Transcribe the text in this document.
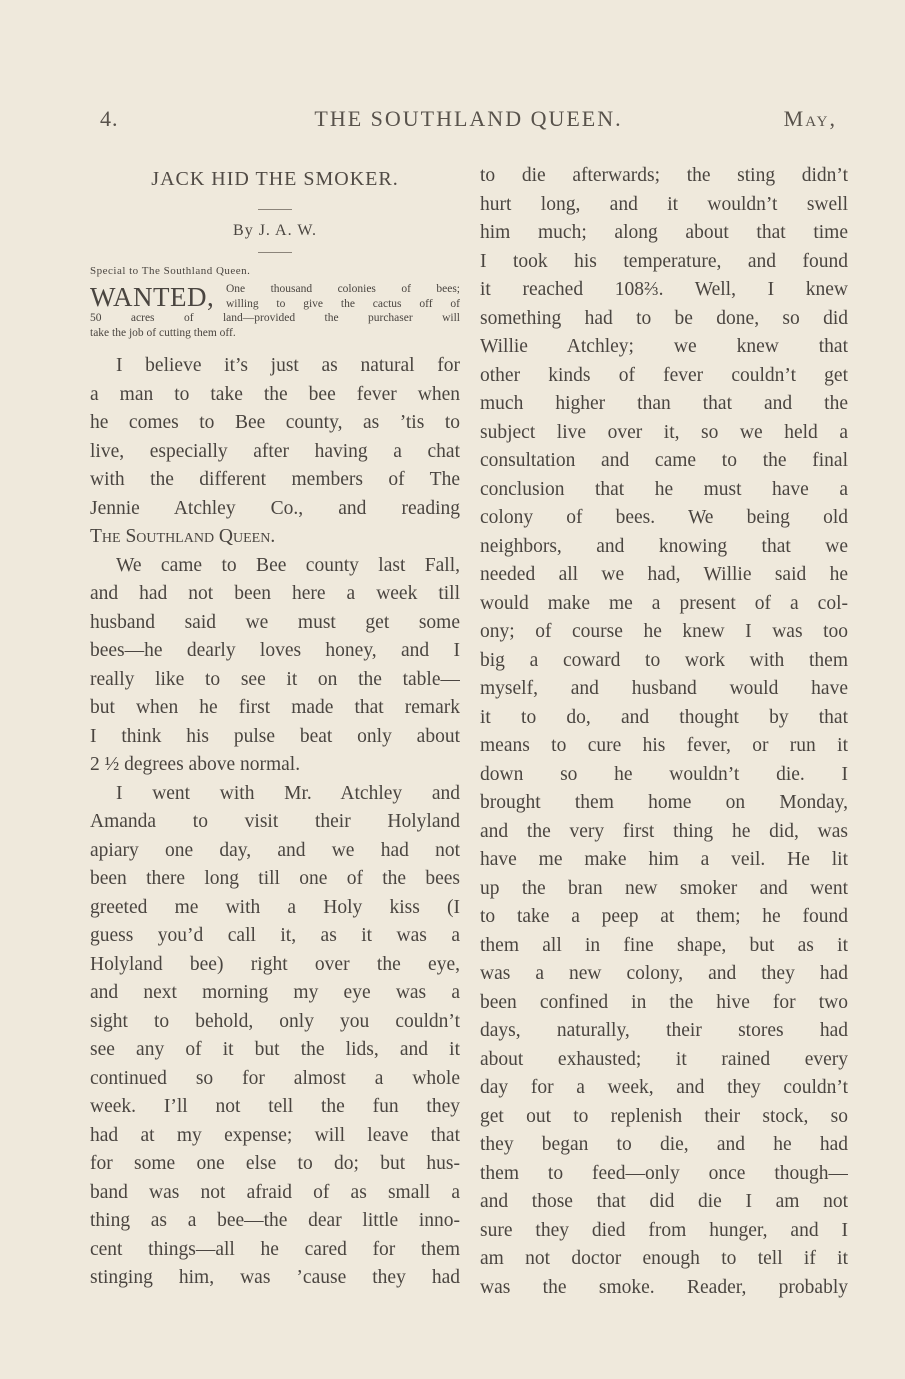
4.	THE SOUTHLAND QUEEN.	May,
JACK HID THE SMOKER.
By J. A. W.
Special to The Southland Queen.
WANTED,	One thousand colonies of bees;
willing to give the cactus off of
50 acres of land—provided the purchaser will
take the job of cutting them off.
I believe it’s just as natural for
a man to take the bee fever when
he comes to Bee county, as ’tis to
live, especially after having a chat
with the different members of The
Jennie Atchley Co., and reading
The Southland Queen.
We came to Bee county last Fall,
and had not been here a week till
husband said we must get some
bees—he dearly loves honey, and I
really like to see it on the table—
but when he first made that remark
I think his pulse beat only about
2 ½ degrees above normal.
I went with Mr. Atchley and
Amanda to visit their Holyland
apiary one day, and we had not
been there long till one of the bees
greeted me with a Holy kiss (I
guess you’d call it, as it was a
Holyland bee) right over the eye,
and next morning my eye was a
sight to behold, only you couldn’t
see any of it but the lids, and it
continued so for almost a whole
week. I’ll not tell the fun they
had at my expense; will leave that
for some one else to do; but hus-
band was not afraid of as small a
thing as a bee—the dear little inno-
cent things—all he cared for them
stinging him, was ’cause they had
to die afterwards; the sting didn’t
hurt long, and it wouldn’t swell
him much; along about that time
I took his temperature, and found
it reached 108⅔. Well, I knew
something had to be done, so did
Willie Atchley; we knew that
other kinds of fever couldn’t get
much higher than that and the
subject live over it, so we held a
consultation and came to the final
conclusion that he must have a
colony of bees. We being old
neighbors, and knowing that we
needed all we had, Willie said he
would make me a present of a col-
ony; of course he knew I was too
big a coward to work with them
myself, and husband would have
it to do, and thought by that
means to cure his fever, or run it
down so he wouldn’t die. I
brought them home on Monday,
and the very first thing he did, was
have me make him a veil. He lit
up the bran new smoker and went
to take a peep at them; he found
them all in fine shape, but as it
was a new colony, and they had
been confined in the hive for two
days, naturally, their stores had
about exhausted; it rained every
day for a week, and they couldn’t
get out to replenish their stock, so
they began to die, and he had
them to feed—only once though—
and those that did die I am not
sure they died from hunger, and I
am not doctor enough to tell if it
was the smoke. Reader, probably
